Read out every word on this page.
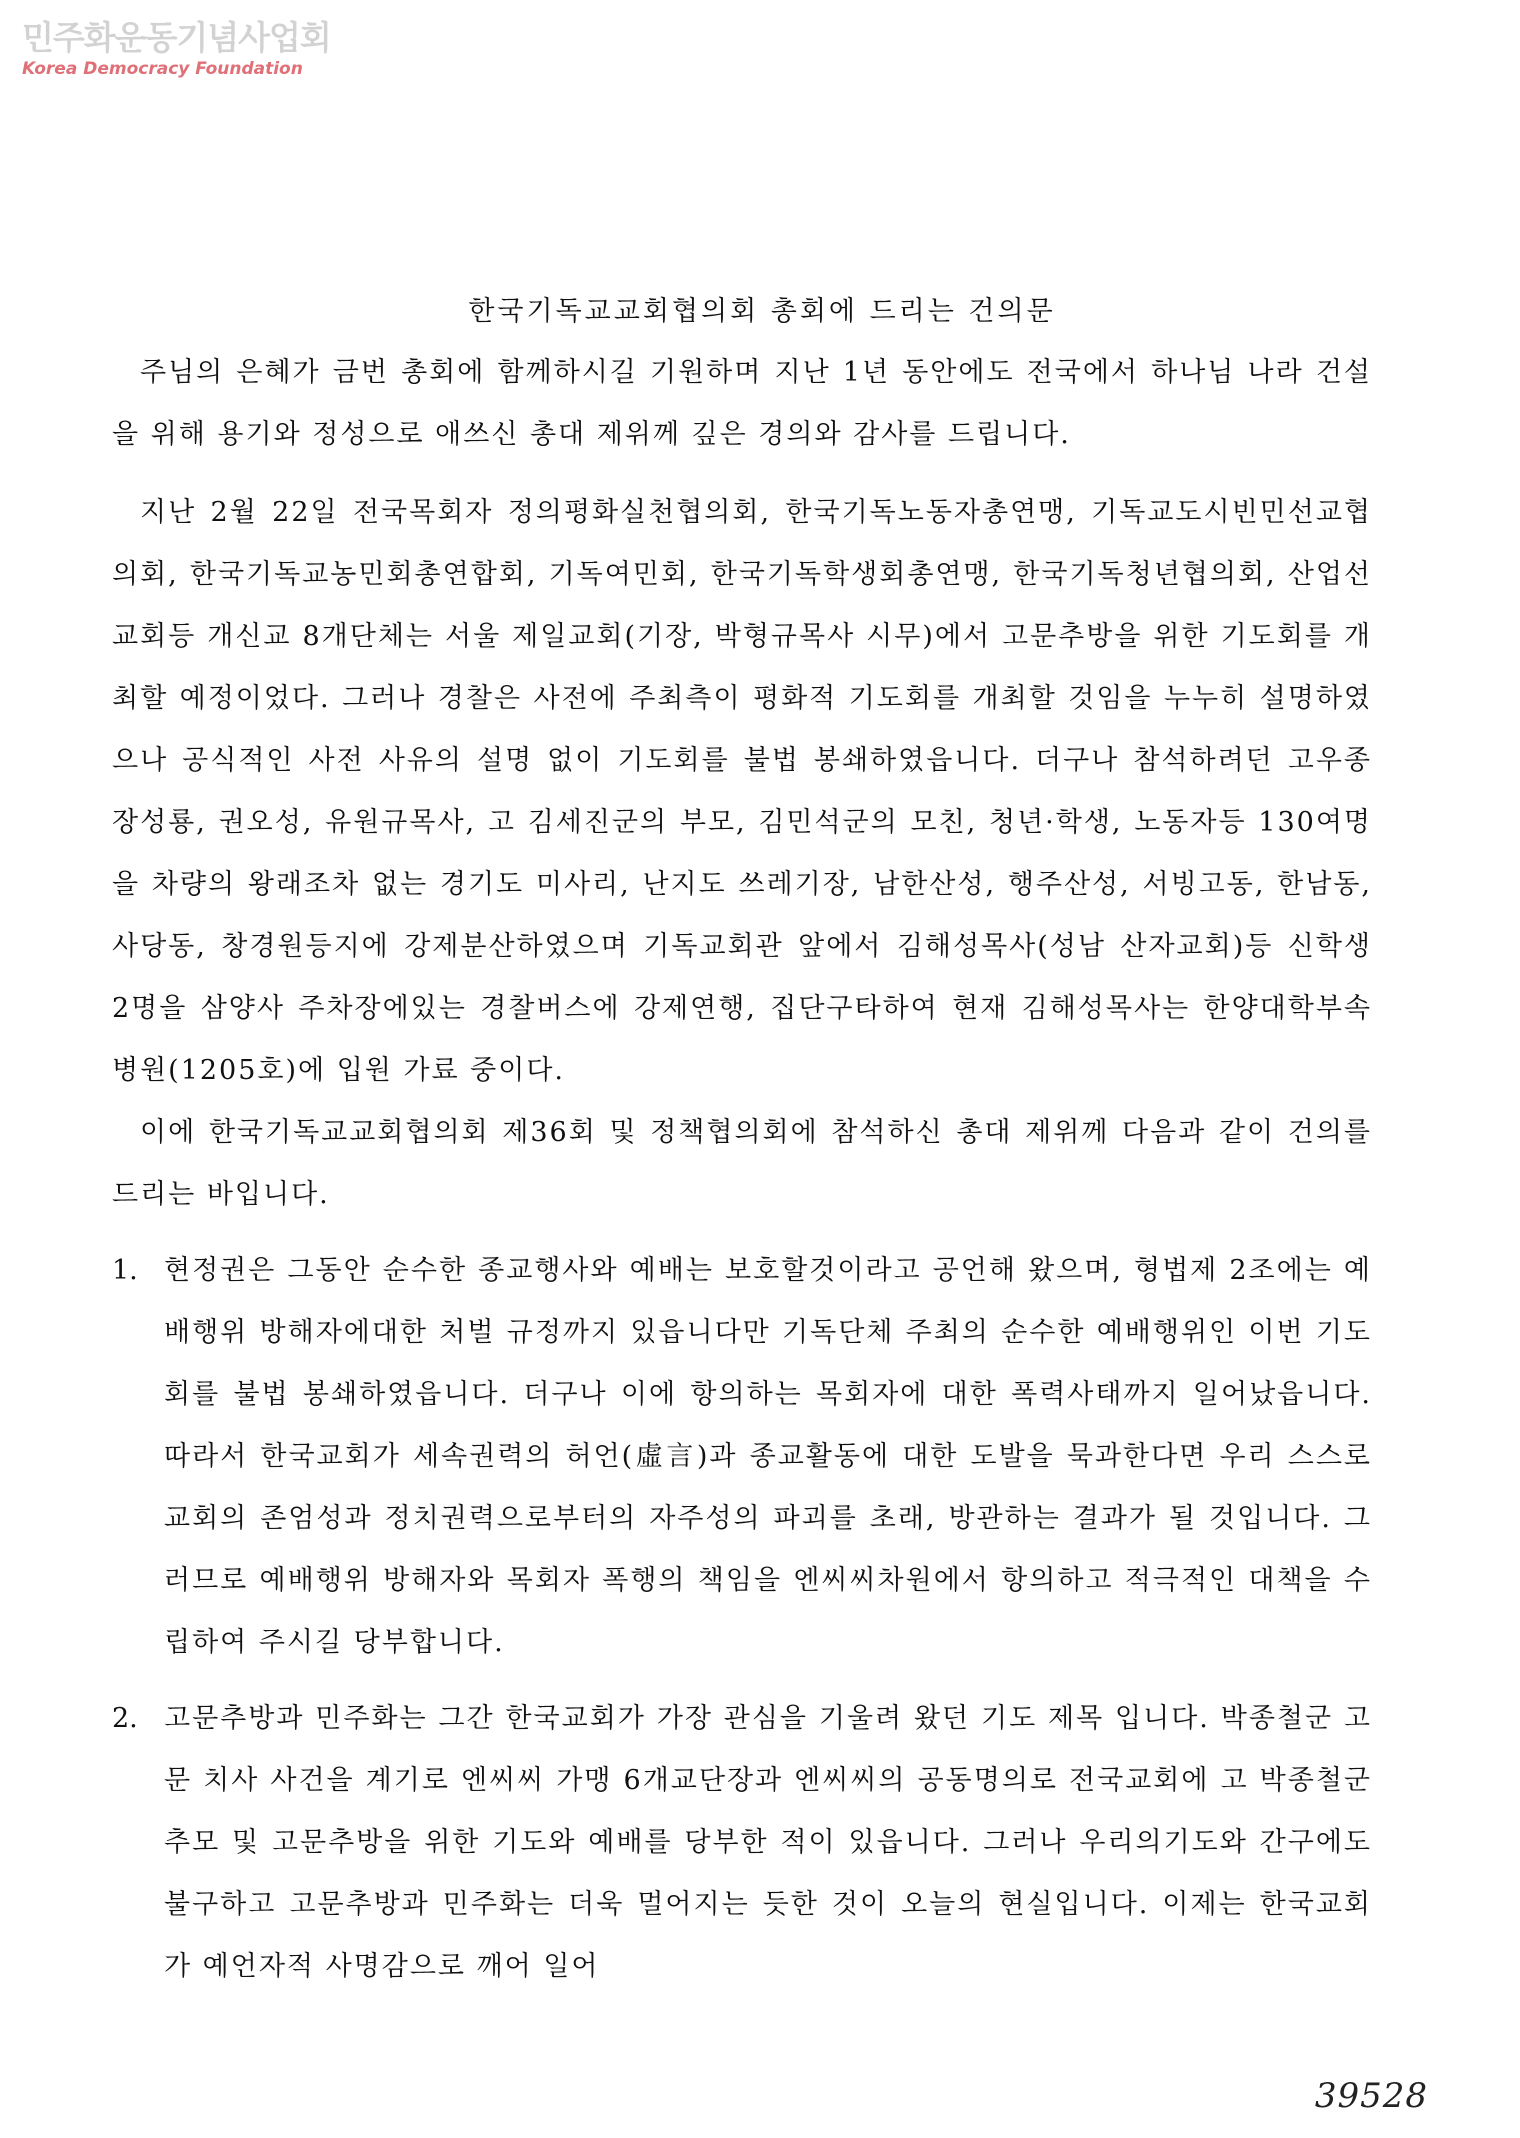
민주화운동기념사업회
Korea Democracy Foundation
한국기독교교회협의회 총회에 드리는 건의문

주님의 은혜가 금번 총회에 함께하시길 기원하며 지난 1년 동안에도 전국에서 하나님 나라 건설을 위해 용기와 정성으로 애쓰신 총대 제위께 깊은 경의와 감사를 드립니다.

지난 2월 22일 전국목회자 정의평화실천협의회, 한국기독노동자총연맹, 기독교도시빈민선교협의회, 한국기독교농민회총연합회, 기독여민회, 한국기독학생회총연맹, 한국기독청년협의회, 산업선교회등 개신교 8개단체는 서울 제일교회(기장, 박형규목사 시무)에서 고문추방을 위한 기도회를 개최할 예정이었다. 그러나 경찰은 사전에 주최측이 평화적 기도회를 개최할 것임을 누누히 설명하였으나 공식적인 사전 사유의 설명 없이 기도회를 불법 봉쇄하였읍니다. 더구나 참석하려던 고우종 장성룡, 권오성, 유원규목사, 고 김세진군의 부모, 김민석군의 모친, 청년·학생, 노동자등 130여명을 차량의 왕래조차 없는 경기도 미사리, 난지도 쓰레기장, 남한산성, 행주산성, 서빙고동, 한남동, 사당동, 창경원등지에 강제분산하였으며 기독교회관 앞에서 김해성목사(성남 산자교회)등 신학생 2명을 삼양사 주차장에있는 경찰버스에 강제연행, 집단구타하여 현재 김해성목사는 한양대학부속병원(1205호)에 입원 가료 중이다.

이에 한국기독교교회협의회 제36회 및 정책협의회에 참석하신 총대 제위께 다음과 같이 건의를 드리는 바입니다.

1. 현정권은 그동안 순수한 종교행사와 예배는 보호할것이라고 공언해 왔으며, 형법제 2조에는 예배행위 방해자에대한 처벌 규정까지 있읍니다만 기독단체 주최의 순수한 예배행위인 이번 기도회를 불법 봉쇄하였읍니다. 더구나 이에 항의하는 목회자에 대한 폭력사태까지 일어났읍니다. 따라서 한국교회가 세속권력의 허언(虛言)과 종교활동에 대한 도발을 묵과한다면 우리 스스로 교회의 존엄성과 정치권력으로부터의 자주성의 파괴를 초래, 방관하는 결과가 될 것입니다. 그러므로 예배행위 방해자와 목회자 폭행의 책임을 엔씨씨차원에서 항의하고 적극적인 대책을 수립하여 주시길 당부합니다.
2. 고문추방과 민주화는 그간 한국교회가 가장 관심을 기울려 왔던 기도 제목 입니다. 박종철군 고문 치사 사건을 계기로 엔씨씨 가맹 6개교단장과 엔씨씨의 공동명의로 전국교회에 고 박종철군 추모 및 고문추방을 위한 기도와 예배를 당부한 적이 있읍니다. 그러나 우리의기도와 간구에도 불구하고 고문추방과 민주화는 더욱 멀어지는 듯한 것이 오늘의 현실입니다. 이제는 한국교회가 예언자적 사명감으로 깨어 일어
39528
